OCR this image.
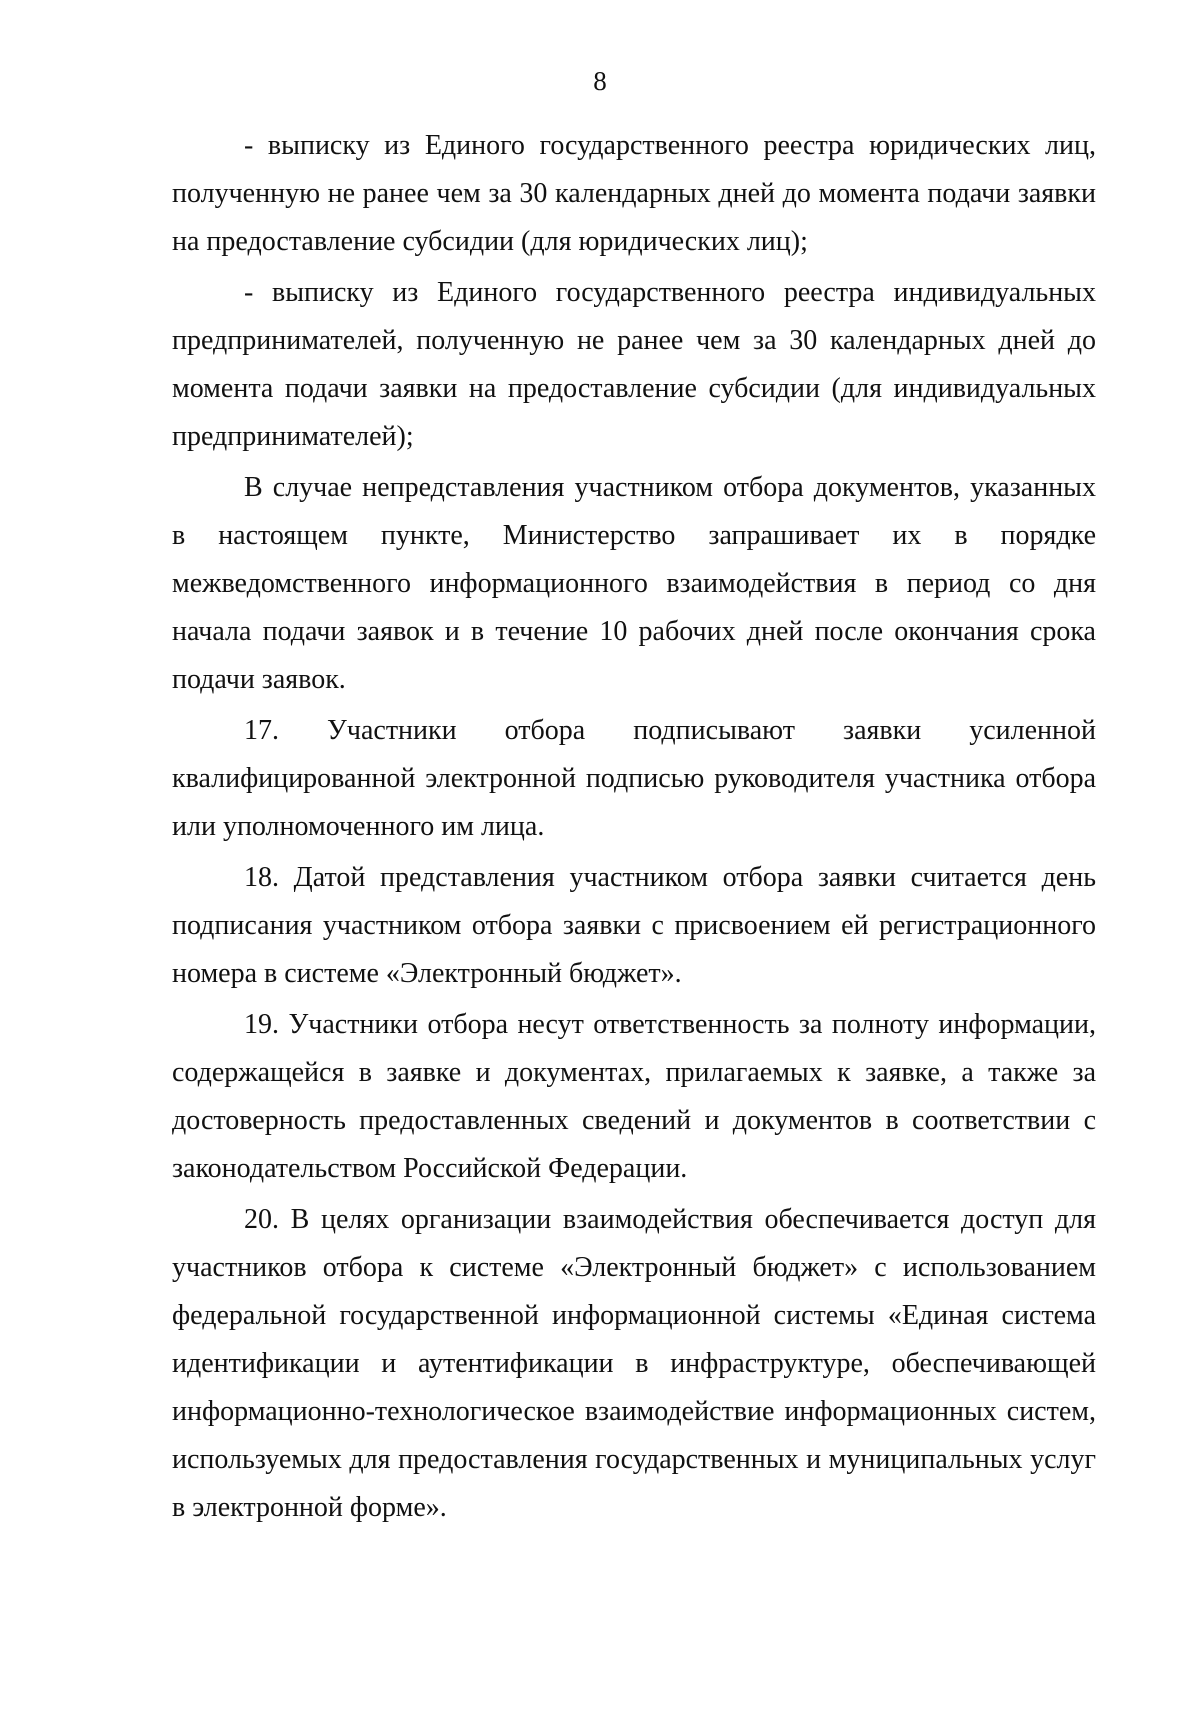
8

- выписку из Единого государственного реестра юридических лиц, полученную не ранее чем за 30 календарных дней до момента подачи заявки на предоставление субсидии (для юридических лиц);

- выписку из Единого государственного реестра индивидуальных предпринимателей, полученную не ранее чем за 30 календарных дней до момента подачи заявки на предоставление субсидии (для индивидуальных предпринимателей);

В случае непредставления участником отбора документов, указанных в настоящем пункте, Министерство запрашивает их в порядке межведомственного информационного взаимодействия в период со дня начала подачи заявок и в течение 10 рабочих дней после окончания срока подачи заявок.

17. Участники отбора подписывают заявки усиленной квалифицированной электронной подписью руководителя участника отбора или уполномоченного им лица.

18. Датой представления участником отбора заявки считается день подписания участником отбора заявки с присвоением ей регистрационного номера в системе «Электронный бюджет».

19. Участники отбора несут ответственность за полноту информации, содержащейся в заявке и документах, прилагаемых к заявке, а также за достоверность предоставленных сведений и документов в соответствии с законодательством Российской Федерации.

20. В целях организации взаимодействия обеспечивается доступ для участников отбора к системе «Электронный бюджет» с использованием федеральной государственной информационной системы «Единая система идентификации и аутентификации в инфраструктуре, обеспечивающей информационно-технологическое взаимодействие информационных систем, используемых для предоставления государственных и муниципальных услуг в электронной форме».
